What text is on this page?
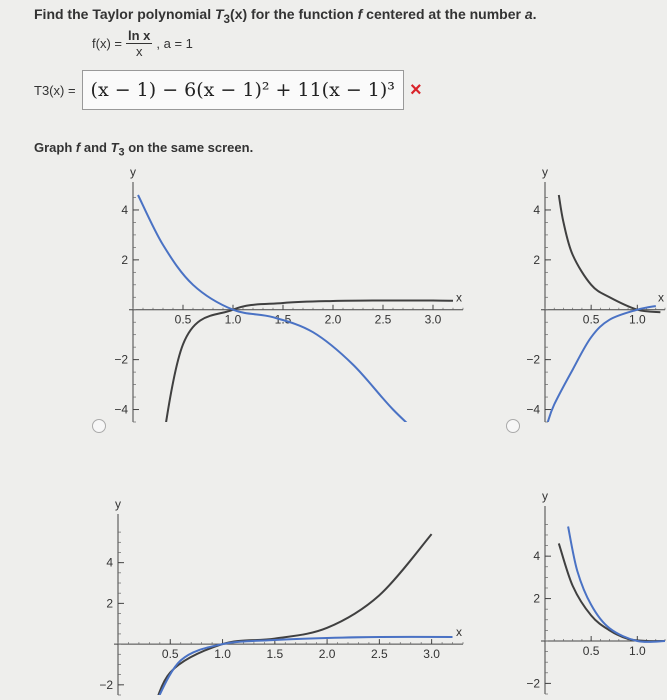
Find the Taylor polynomial $T_3(x)$ for the function f centered at the number a.
$f(x) = \frac{\text{ln x}}{x}$ , a = 1
T3(x) = (x − 1) − 6(x − 1)² + 11(x − 1)³ ×
Graph f and $T_3$ on the same screen.
y
x
0.5	1.0	1.5	2.0	2.5	3.0
4
2
−2
−4
y
x
0.5 1.0
4
2
−2
−4
y
x
0.5	1.0	1.5	2.0	2.5	3.0
4
2
−2
y
0.5 1.0
4
2
−2
